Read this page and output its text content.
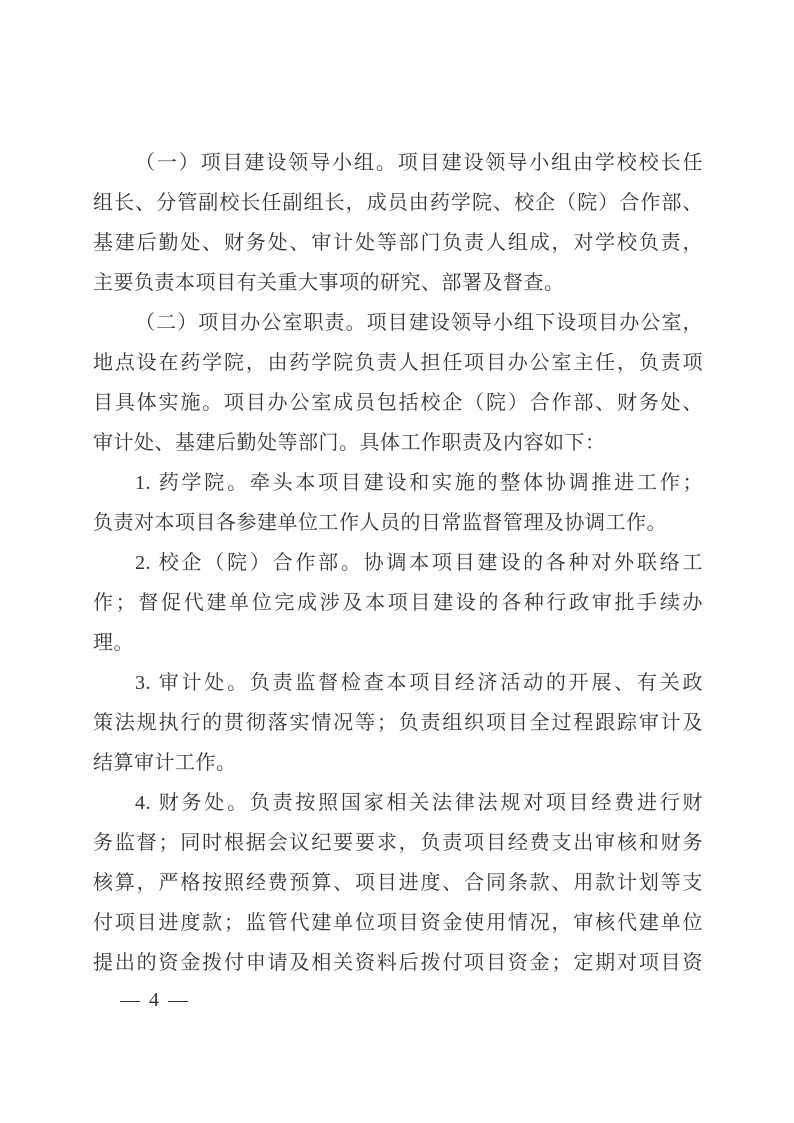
（一）项目建设领导小组。项目建设领导小组由学校校长任
组长、分管副校长任副组长，成员由药学院、校企（院）合作部、
基建后勤处、财务处、审计处等部门负责人组成，对学校负责，
主要负责本项目有关重大事项的研究、部署及督查。
（二）项目办公室职责。项目建设领导小组下设项目办公室，
地点设在药学院，由药学院负责人担任项目办公室主任，负责项
目具体实施。项目办公室成员包括校企（院）合作部、财务处、
审计处、基建后勤处等部门。具体工作职责及内容如下：
1. 药学院。牵头本项目建设和实施的整体协调推进工作；
负责对本项目各参建单位工作人员的日常监督管理及协调工作。
2. 校企（院）合作部。协调本项目建设的各种对外联络工
作；督促代建单位完成涉及本项目建设的各种行政审批手续办
理。
3. 审计处。负责监督检查本项目经济活动的开展、有关政
策法规执行的贯彻落实情况等；负责组织项目全过程跟踪审计及
结算审计工作。
4. 财务处。负责按照国家相关法律法规对项目经费进行财
务监督；同时根据会议纪要要求，负责项目经费支出审核和财务
核算，严格按照经费预算、项目进度、合同条款、用款计划等支
付项目进度款；监管代建单位项目资金使用情况，审核代建单位
提出的资金拨付申请及相关资料后拨付项目资金；定期对项目资
— 4 —
